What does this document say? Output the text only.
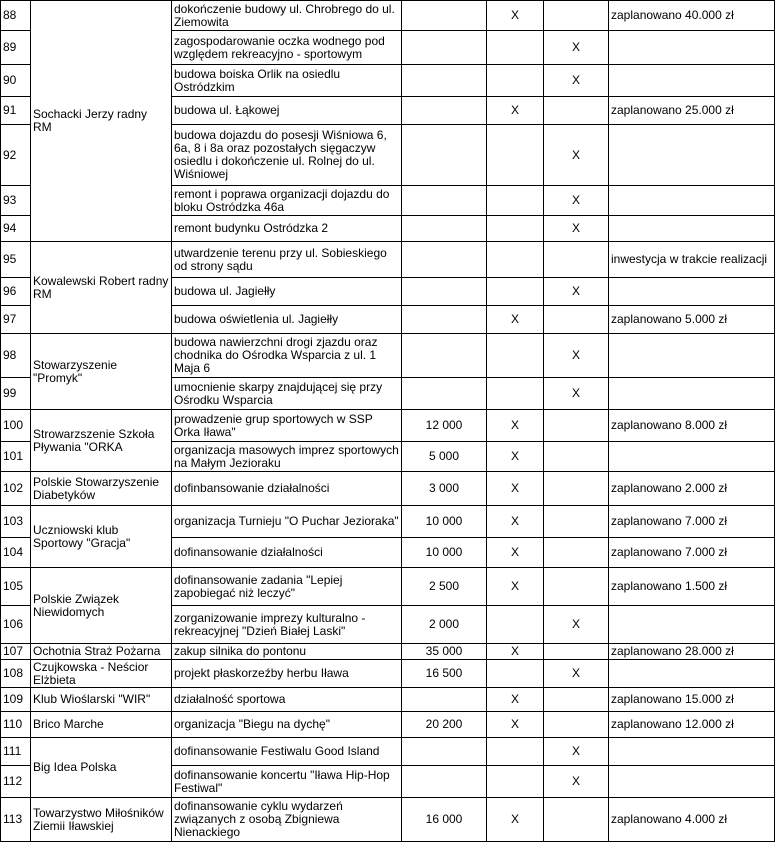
88	Sochacki Jerzy radny RM	dokończenie budowy ul. Chrobrego do ul. Ziemowita		X		zaplanowano 40.000 zł
89		zagospodarowanie oczka wodnego pod względem rekreacyjno - sportowym			X	
90		budowa boiska Orlik na osiedlu Ostródzkim			X	
91		budowa ul. Łąkowej		X		zaplanowano 25.000 zł
92		budowa dojazdu do posesji Wiśniowa 6, 6a, 8 i 8a oraz pozostałych sięgaczyw osiedlu i dokończenie ul. Rolnej do ul. Wiśniowej			X	
93		remont i poprawa organizacji dojazdu do bloku Ostródzka 46a			X	
94		remont budynku Ostródzka 2			X	
95	Kowalewski Robert radny RM	utwardzenie terenu przy ul. Sobieskiego od strony sądu				inwestycja w trakcie realizacji
96		budowa ul. Jagiełły			X	
97		budowa oświetlenia ul. Jagiełły		X		zaplanowano 5.000 zł
98	Stowarzyszenie "Promyk"	budowa nawierzchni drogi zjazdu oraz chodnika do Ośrodka Wsparcia z ul. 1 Maja 6			X	
99		umocnienie skarpy znajdującej się przy Ośrodku Wsparcia			X	
100	Strowarzszenie Szkoła Pływania "ORKA	prowadzenie grup sportowych w SSP Orka Iława"	12 000	X		zaplanowano 8.000 zł
101		organizacja masowych imprez sportowych na Małym Jezioraku	5 000	X		
102	Polskie Stowarzyszenie Diabetyków	dofinbansowanie działalności	3 000	X		zaplanowano 2.000 zł
103	Uczniowski klub Sportowy "Gracja"	organizacja Turnieju "O Puchar Jezioraka"	10 000	X		zaplanowano 7.000 zł
104		dofinansowanie działalności	10 000	X		zaplanowano 7.000 zł
105	Polskie Związek Niewidomych	dofinansowanie zadania "Lepiej zapobiegać niż leczyć"	2 500	X		zaplanowano 1.500 zł
106		zorganizowanie imprezy kulturalno - rekreacyjnej "Dzień Białej Laski"	2 000		X	
107	Ochotnia Straż Pożarna	zakup silnika do pontonu	35 000	X		zaplanowano 28.000 zł
108	Czujkowska - Neścior Elżbieta	projekt płaskorzeźby herbu Iława	16 500		X	
109	Klub Wioślarski "WIR"	działalność sportowa		X		zaplanowano 15.000 zł
110	Brico Marche	organizacja "Biegu na dychę"	20 200	X		zaplanowano 12.000 zł
111	Big Idea Polska	dofinansowanie Festiwalu Good Island			X	
112		dofinansowanie koncertu "Iława Hip-Hop Festiwal"			X	
113	Towarzystwo Miłośników Ziemii Iławskiej	dofinansowanie cyklu wydarzeń związanych z osobą Zbigniewa Nienackiego	16 000	X		zaplanowano 4.000 zł
